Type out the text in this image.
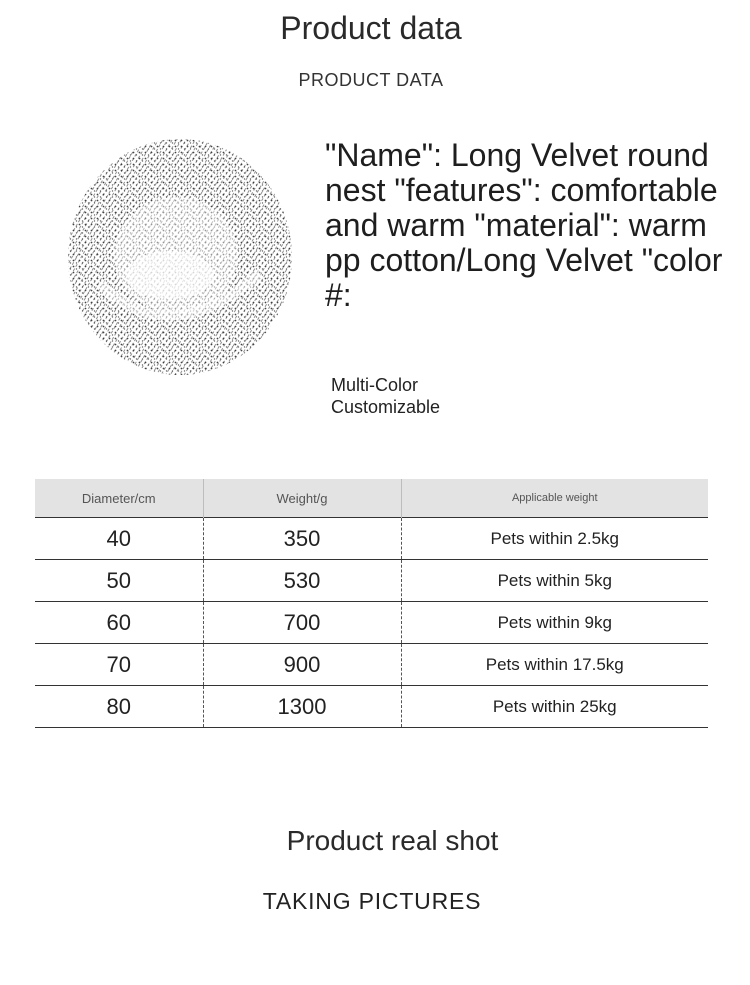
Product data
PRODUCT DATA
"Name": Long Velvet round nest "features": comfortable and warm "material": warm pp cotton/Long Velvet "color #:
Multi-Color
Customizable
Diameter/cm	Weight/g	Applicable weight
40	350	Pets within 2.5kg
50	530	Pets within 5kg
60	700	Pets within 9kg
70	900	Pets within 17.5kg
80	1300	Pets within 25kg
Product real shot
TAKING PICTURES
